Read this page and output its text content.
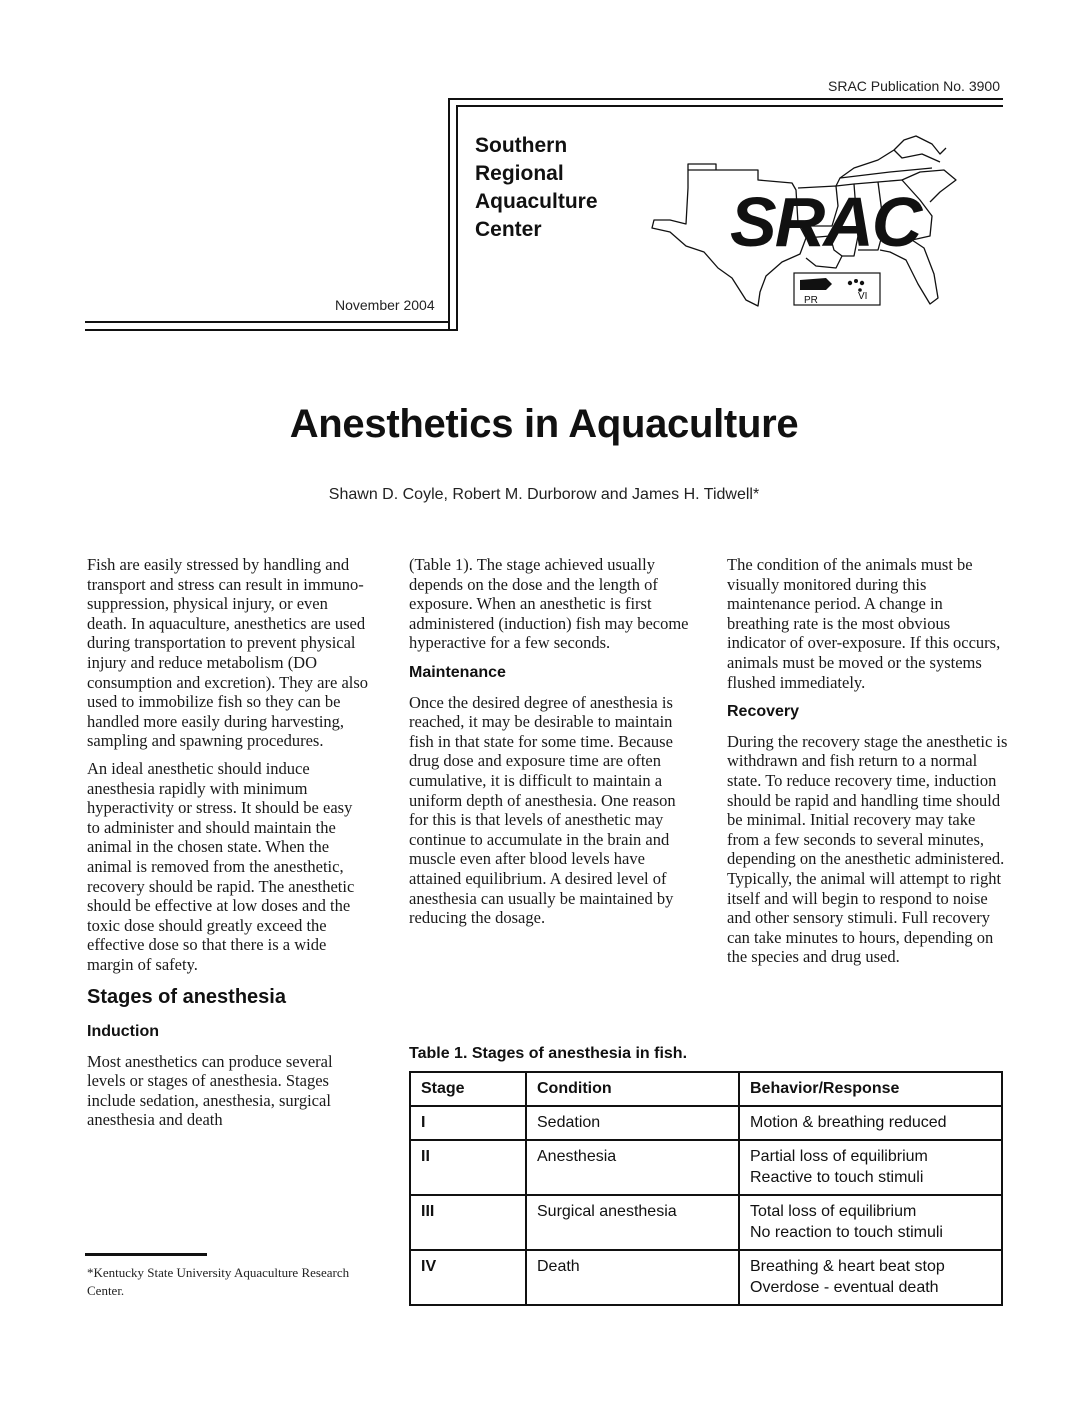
SRAC Publication No. 3900
Southern
Regional
Aquaculture
Center
November 2004
SRAC
PR	VI
Anesthetics in Aquaculture
Shawn D. Coyle, Robert M. Durborow and James H. Tidwell*

Fish are easily stressed by handling and transport and stress can result in immuno-suppression, physical injury, or even death. In aquaculture, anesthetics are used during transportation to prevent physical injury and reduce metabolism (DO consumption and excretion). They are also used to immobilize fish so they can be handled more easily during harvesting, sampling and spawning procedures.

An ideal anesthetic should induce anesthesia rapidly with minimum hyperactivity or stress. It should be easy to administer and should maintain the animal in the chosen state. When the animal is removed from the anesthetic, recovery should be rapid. The anesthetic should be effective at low doses and the toxic dose should greatly exceed the effective dose so that there is a wide margin of safety.

Stages of anesthesia
Induction

Most anesthetics can produce several levels or stages of anesthesia. Stages include sedation, anesthesia, surgical anesthesia and death

*Kentucky State University Aquaculture Research Center.

(Table 1). The stage achieved usually depends on the dose and the length of exposure. When an anesthetic is first administered (induction) fish may become hyperactive for a few seconds.

Maintenance

Once the desired degree of anesthesia is reached, it may be desirable to maintain fish in that state for some time. Because drug dose and exposure time are often cumulative, it is difficult to maintain a uniform depth of anesthesia. One reason for this is that levels of anesthetic may continue to accumulate in the brain and muscle even after blood levels have attained equilibrium. A desired level of anesthesia can usually be maintained by reducing the dosage.

The condition of the animals must be visually monitored during this maintenance period. A change in breathing rate is the most obvious indicator of over-exposure. If this occurs, animals must be moved or the systems flushed immediately.

Recovery

During the recovery stage the anesthetic is withdrawn and fish return to a normal state. To reduce recovery time, induction should be rapid and handling time should be minimal. Initial recovery may take from a few seconds to several minutes, depending on the anesthetic administered. Typically, the animal will attempt to right itself and will begin to respond to noise and other sensory stimuli. Full recovery can take minutes to hours, depending on the species and drug used.

Table 1. Stages of anesthesia in fish.
Stage	Condition	Behavior/Response
I	Sedation	Motion & breathing reduced

II	Anesthesia	Partial loss of equilibrium
Reactive to touch stimuli

III	Surgical anesthesia	Total loss of equilibrium
No reaction to touch stimuli

IV	Death	Breathing & heart beat stop
Overdose - eventual death
